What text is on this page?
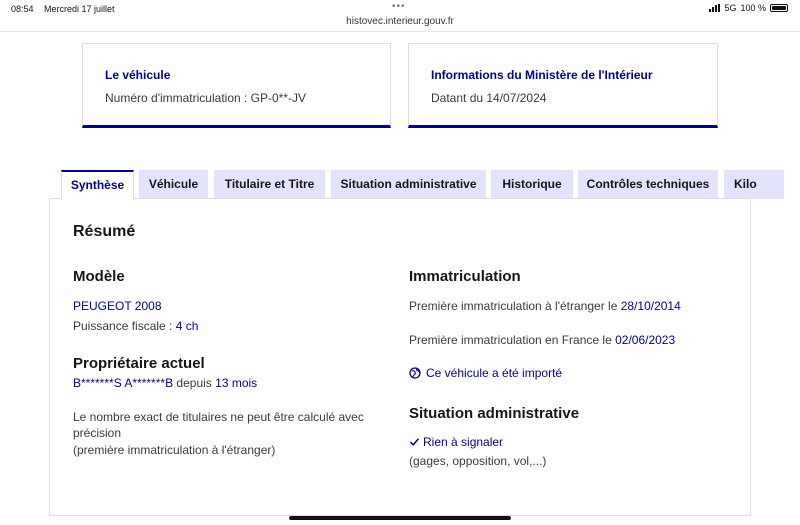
08:54 Mercredi 17 juillet	•••	5G 100 %
histovec.interieur.gouv.fr
Le véhicule
Numéro d'immatriculation : GP-0**-JV
Informations du Ministère de l'Intérieur
Datant du 14/07/2024
Synthèse	Véhicule	Titulaire et Titre	Situation administrative	Historique	Contrôles techniques	Kilo
Résumé
Modèle
PEUGEOT 2008
Puissance fiscale : 4 ch
Propriétaire actuel
B*******S A*******B depuis 13 mois
Le nombre exact de titulaires ne peut être calculé avec précision
(première immatriculation à l'étranger)
Immatriculation
Première immatriculation à l'étranger le 28/10/2014
Première immatriculation en France le 02/06/2023
Ce véhicule a été importé
Situation administrative
Rien à signaler
(gages, opposition, vol,...)
